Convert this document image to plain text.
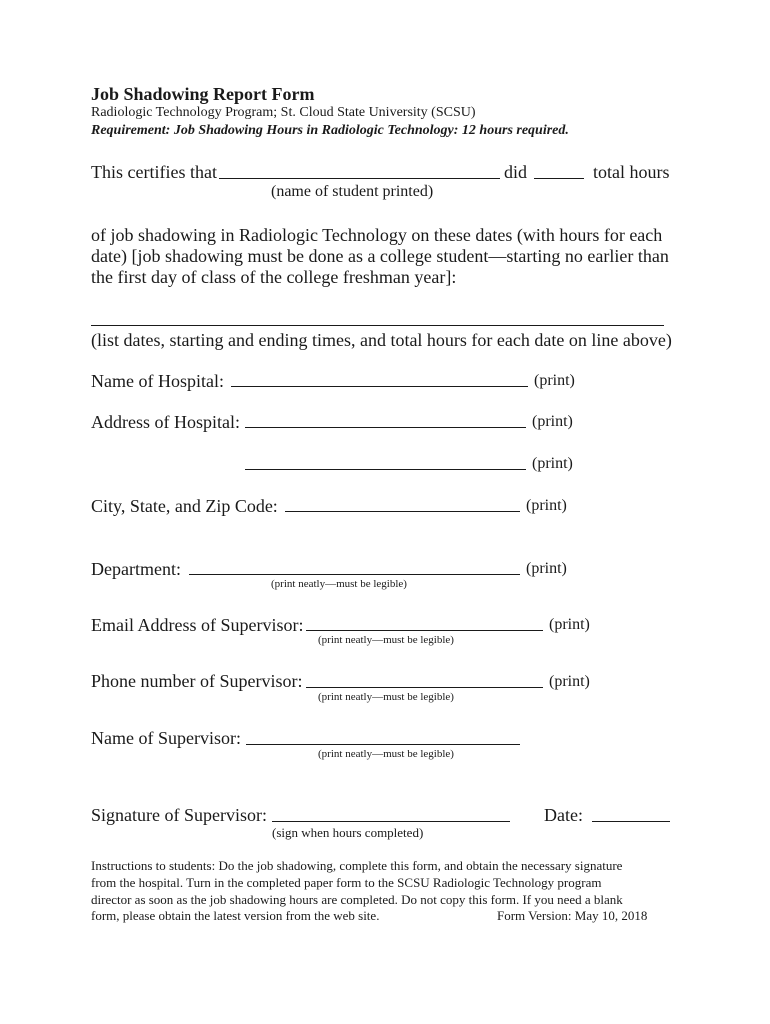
Job Shadowing Report Form
Radiologic Technology Program; St. Cloud State University (SCSU)
Requirement: Job Shadowing Hours in Radiologic Technology: 12 hours required.
This certifies that	did	total hours
(name of student printed)
of job shadowing in Radiologic Technology on these dates (with hours for each
date) [job shadowing must be done as a college student—starting no earlier than
the first day of class of the college freshman year]:
(list dates, starting and ending times, and total hours for each date on line above)
Name of Hospital:	(print)
Address of Hospital:	(print)
(print)
City, State, and Zip Code:	(print)
Department:	(print)
(print neatly—must be legible)
Email Address of Supervisor:	(print)
(print neatly—must be legible)
Phone number of Supervisor:	(print)
(print neatly—must be legible)
Name of Supervisor:
(print neatly—must be legible)
Signature of Supervisor:	Date:
(sign when hours completed)
Instructions to students: Do the job shadowing, complete this form, and obtain the necessary signature
from the hospital. Turn in the completed paper form to the SCSU Radiologic Technology program
director as soon as the job shadowing hours are completed. Do not copy this form. If you need a blank
form, please obtain the latest version from the web site.	Form Version: May 10, 2018
